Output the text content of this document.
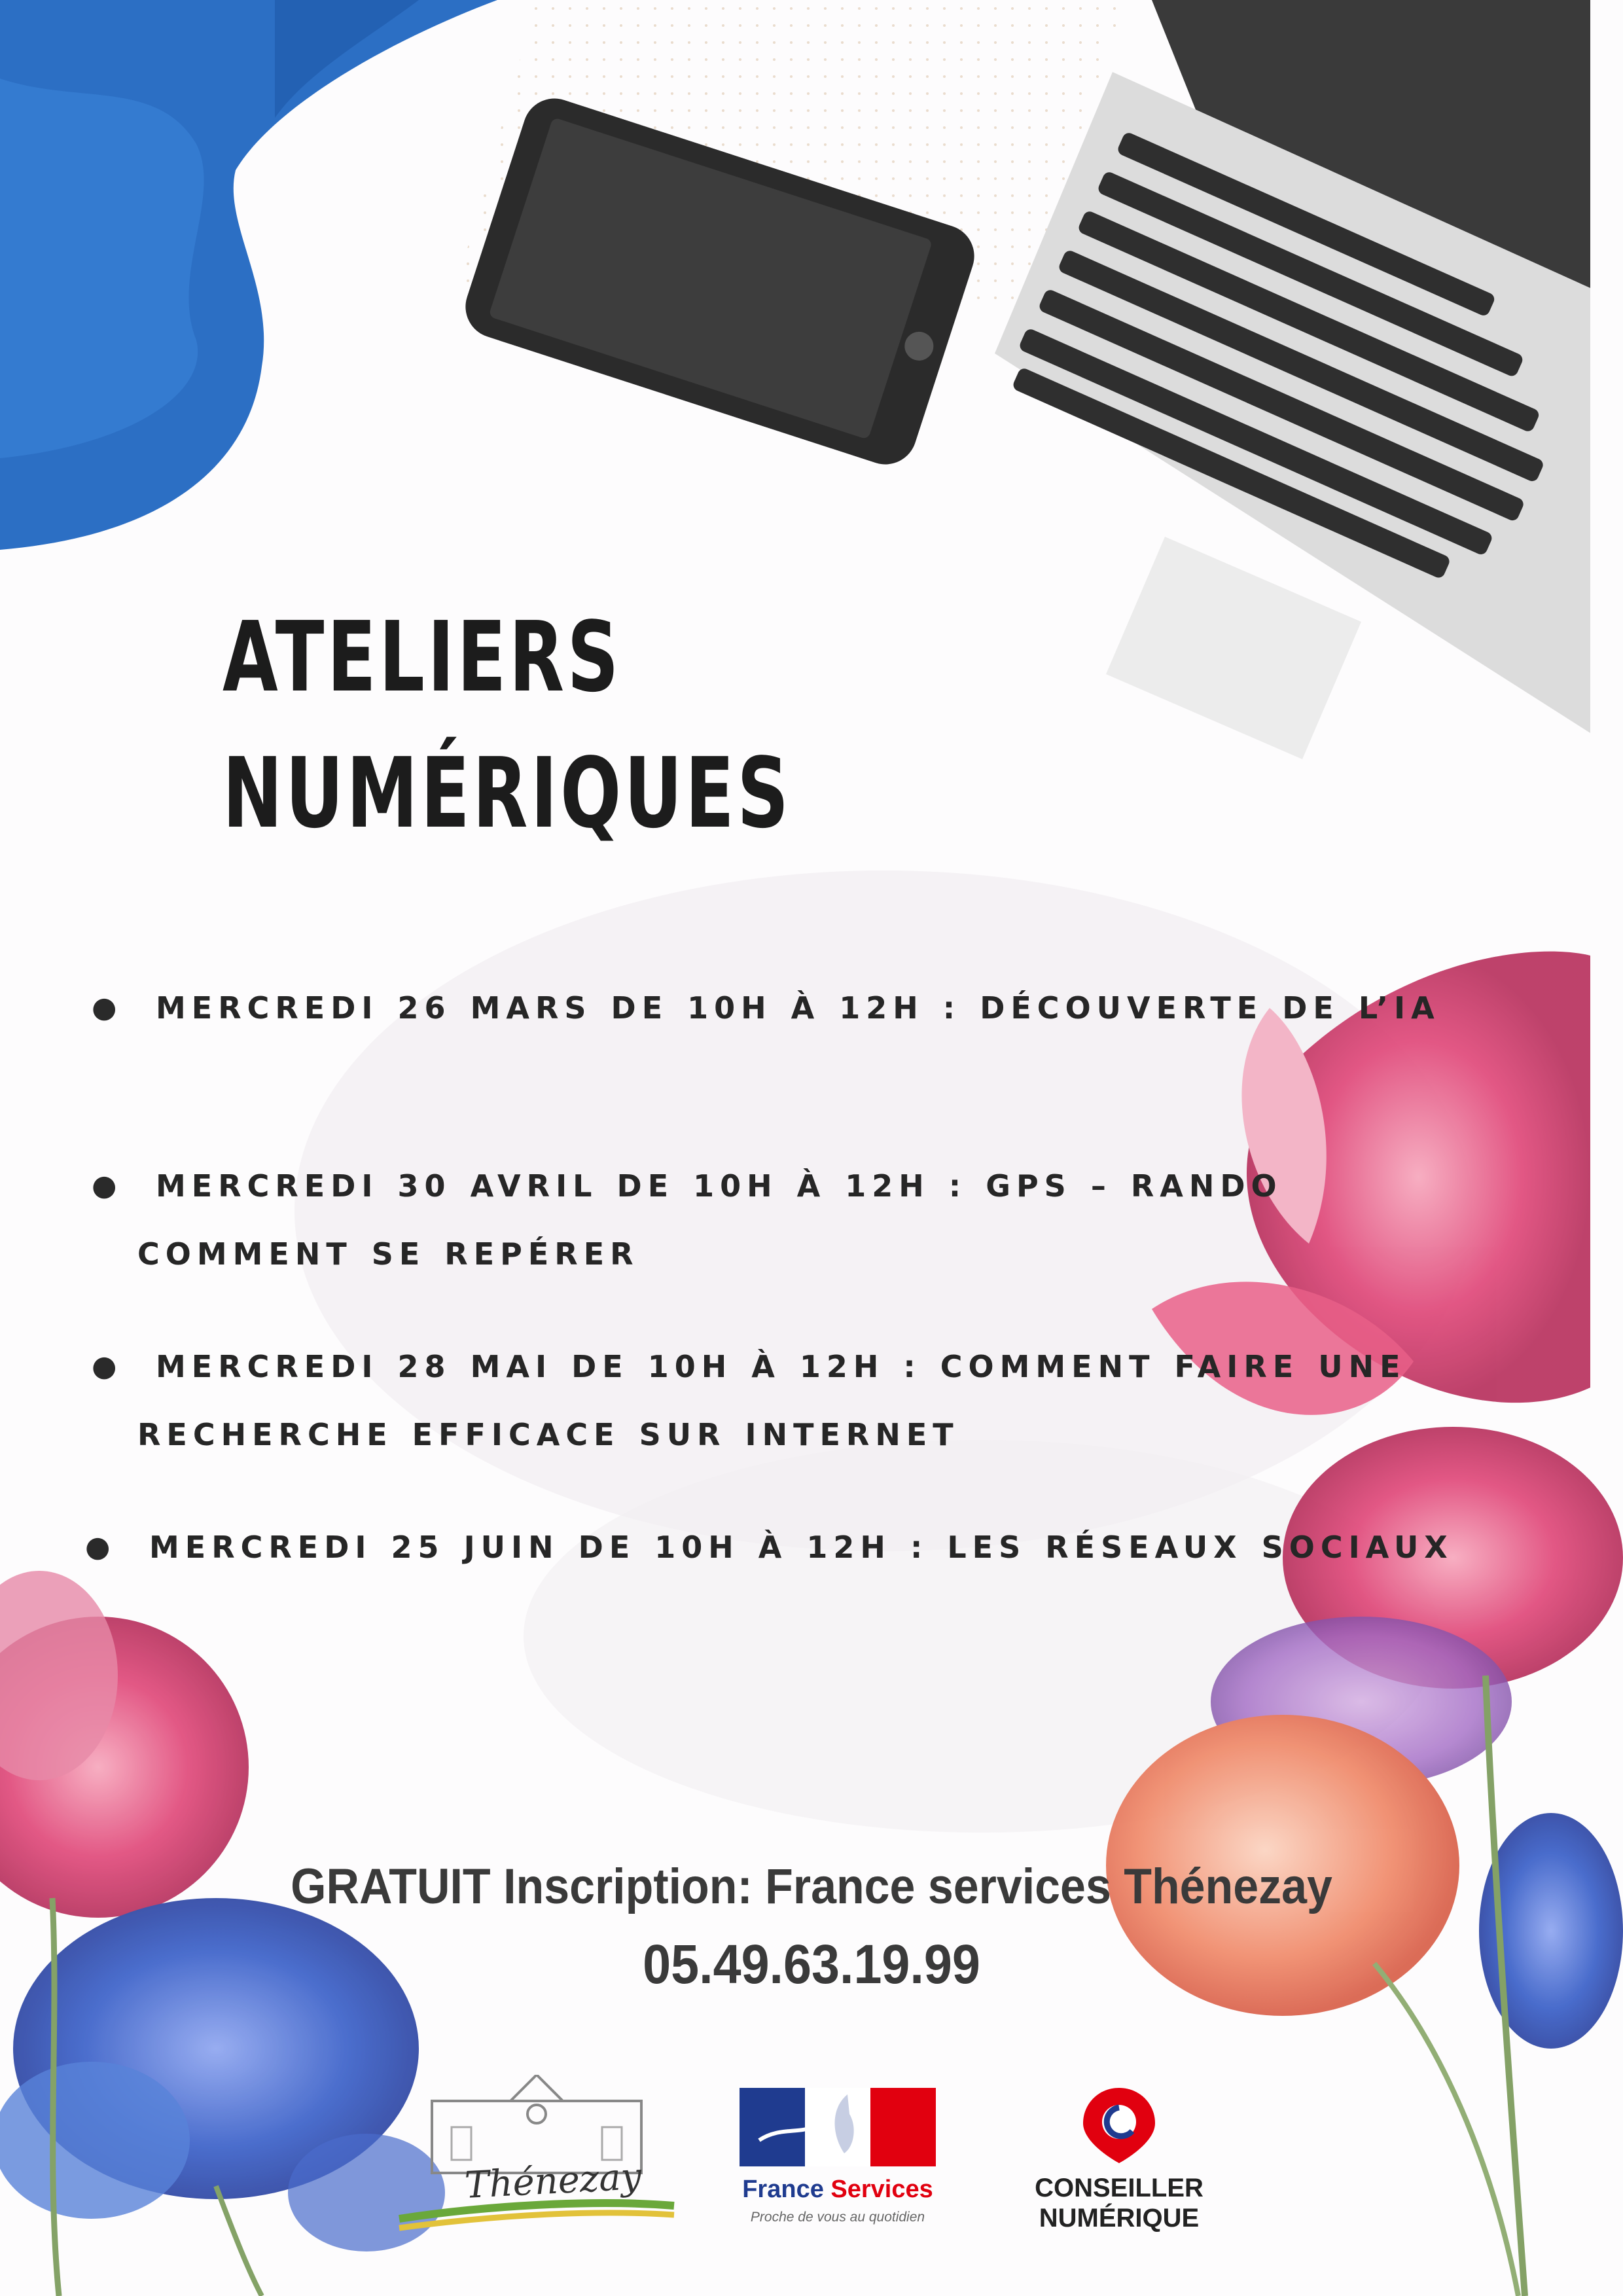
ATELIERS
NUMÉRIQUES
●	MERCREDI 26 MARS DE 10H À 12H : DÉCOUVERTE DE L’IA
●	MERCREDI 30 AVRIL DE 10H À 12H : GPS – RANDO COMMENT SE REPÉRER
●	MERCREDI 28 MAI DE 10H À 12H : COMMENT FAIRE UNE RECHERCHE EFFICACE SUR INTERNET
●	MERCREDI 25 JUIN DE 10H À 12H : LES RÉSEAUX SOCIAUX
GRATUIT Inscription: France services Thénezay
05.49.63.19.99
Thénezay	France Services
Proche de vous au quotidien
CONSEILLER
NUMÉRIQUE
